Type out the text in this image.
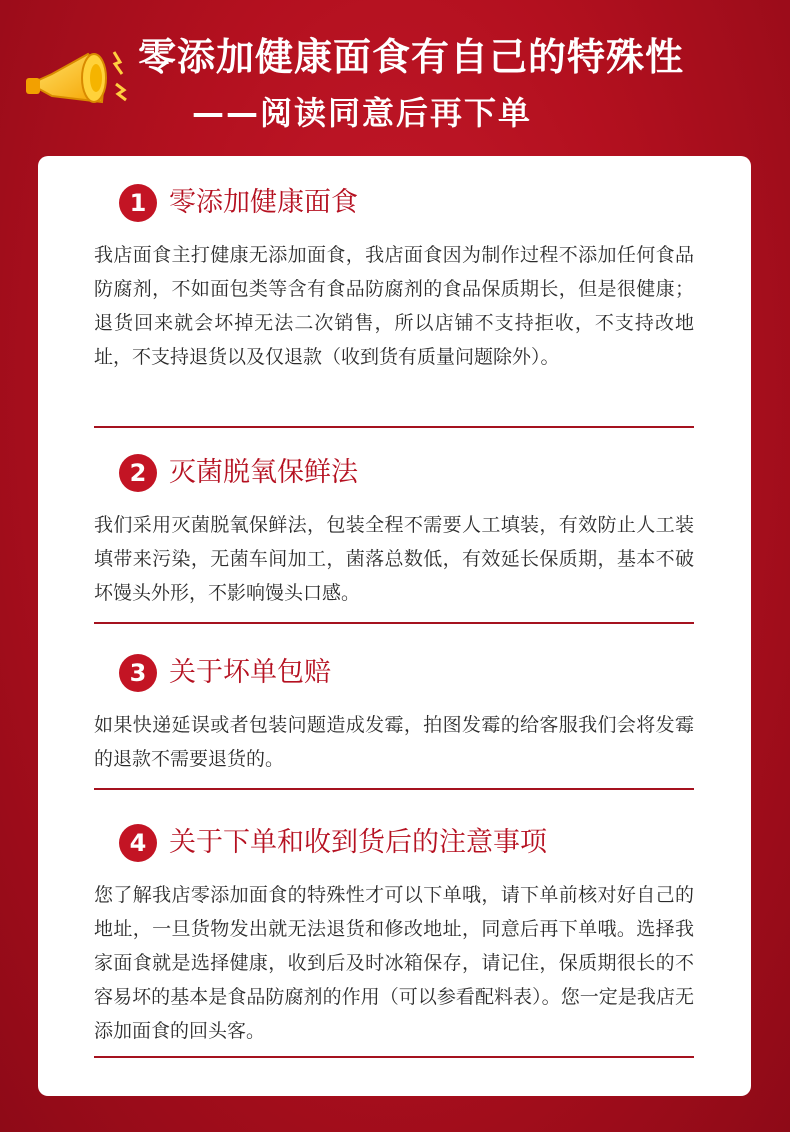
零添加健康面食有自己的特殊性
——阅读同意后再下单
1 零添加健康面食
我店面食主打健康无添加面食，我店面食因为制作过程不添加任何食品防腐剂，不如面包类等含有食品防腐剂的食品保质期长，但是很健康；退货回来就会坏掉无法二次销售，所以店铺不支持拒收，不支持改地址，不支持退货以及仅退款（收到货有质量问题除外）。
2 灭菌脱氧保鲜法
我们采用灭菌脱氧保鲜法，包装全程不需要人工填装，有效防止人工装填带来污染，无菌车间加工，菌落总数低，有效延长保质期，基本不破坏馒头外形，不影响馒头口感。
3 关于坏单包赔
如果快递延误或者包装问题造成发霉，拍图发霉的给客服我们会将发霉的退款不需要退货的。
4 关于下单和收到货后的注意事项
您了解我店零添加面食的特殊性才可以下单哦，请下单前核对好自己的地址，一旦货物发出就无法退货和修改地址，同意后再下单哦。选择我家面食就是选择健康，收到后及时冰箱保存，请记住，保质期很长的不容易坏的基本是食品防腐剂的作用（可以参看配料表）。您一定是我店无添加面食的回头客。
